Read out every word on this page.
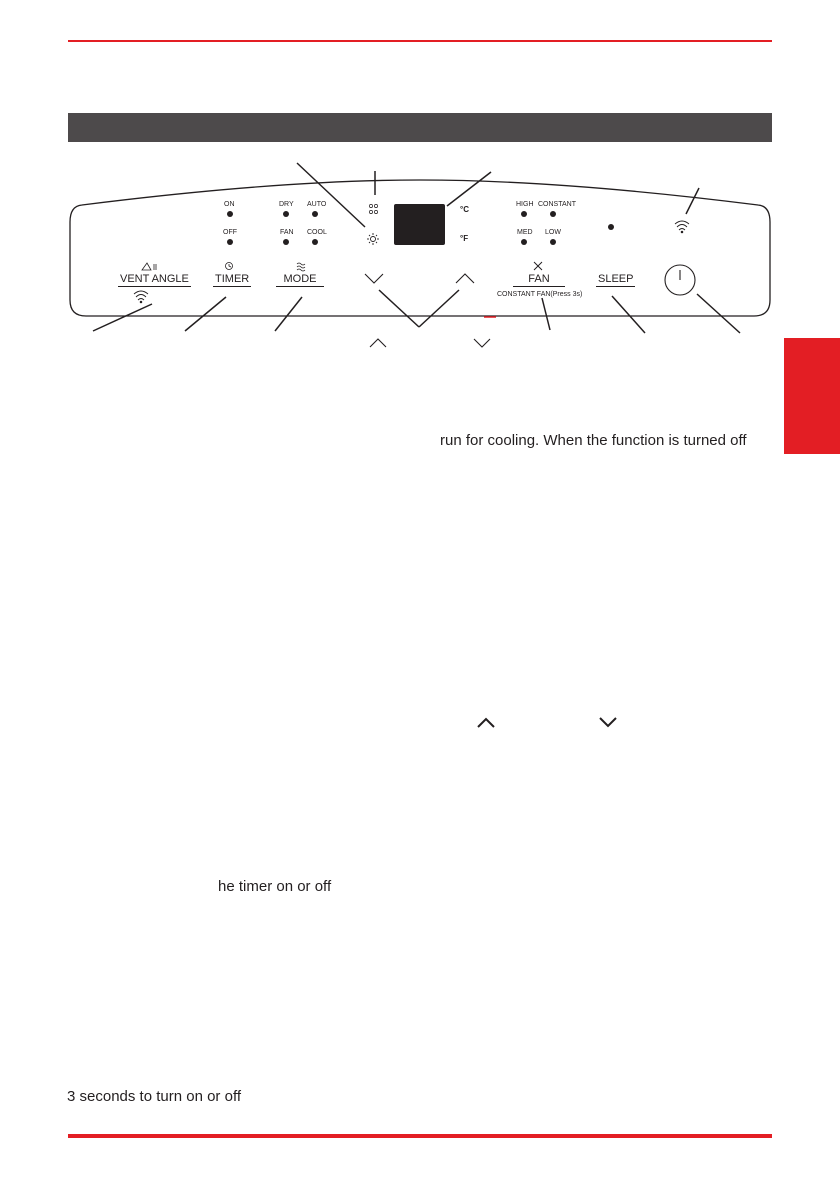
ON
OFF
DRY AUTO
FAN COOL
°C
°F
HIGH CONSTANT
MED LOW
VENT ANGLE TIMER	MODE	FAN
CONSTANT FAN(Press 3s)
SLEEP
run for cooling. When the function is turned off
he timer on or off
3 seconds to turn on or off
